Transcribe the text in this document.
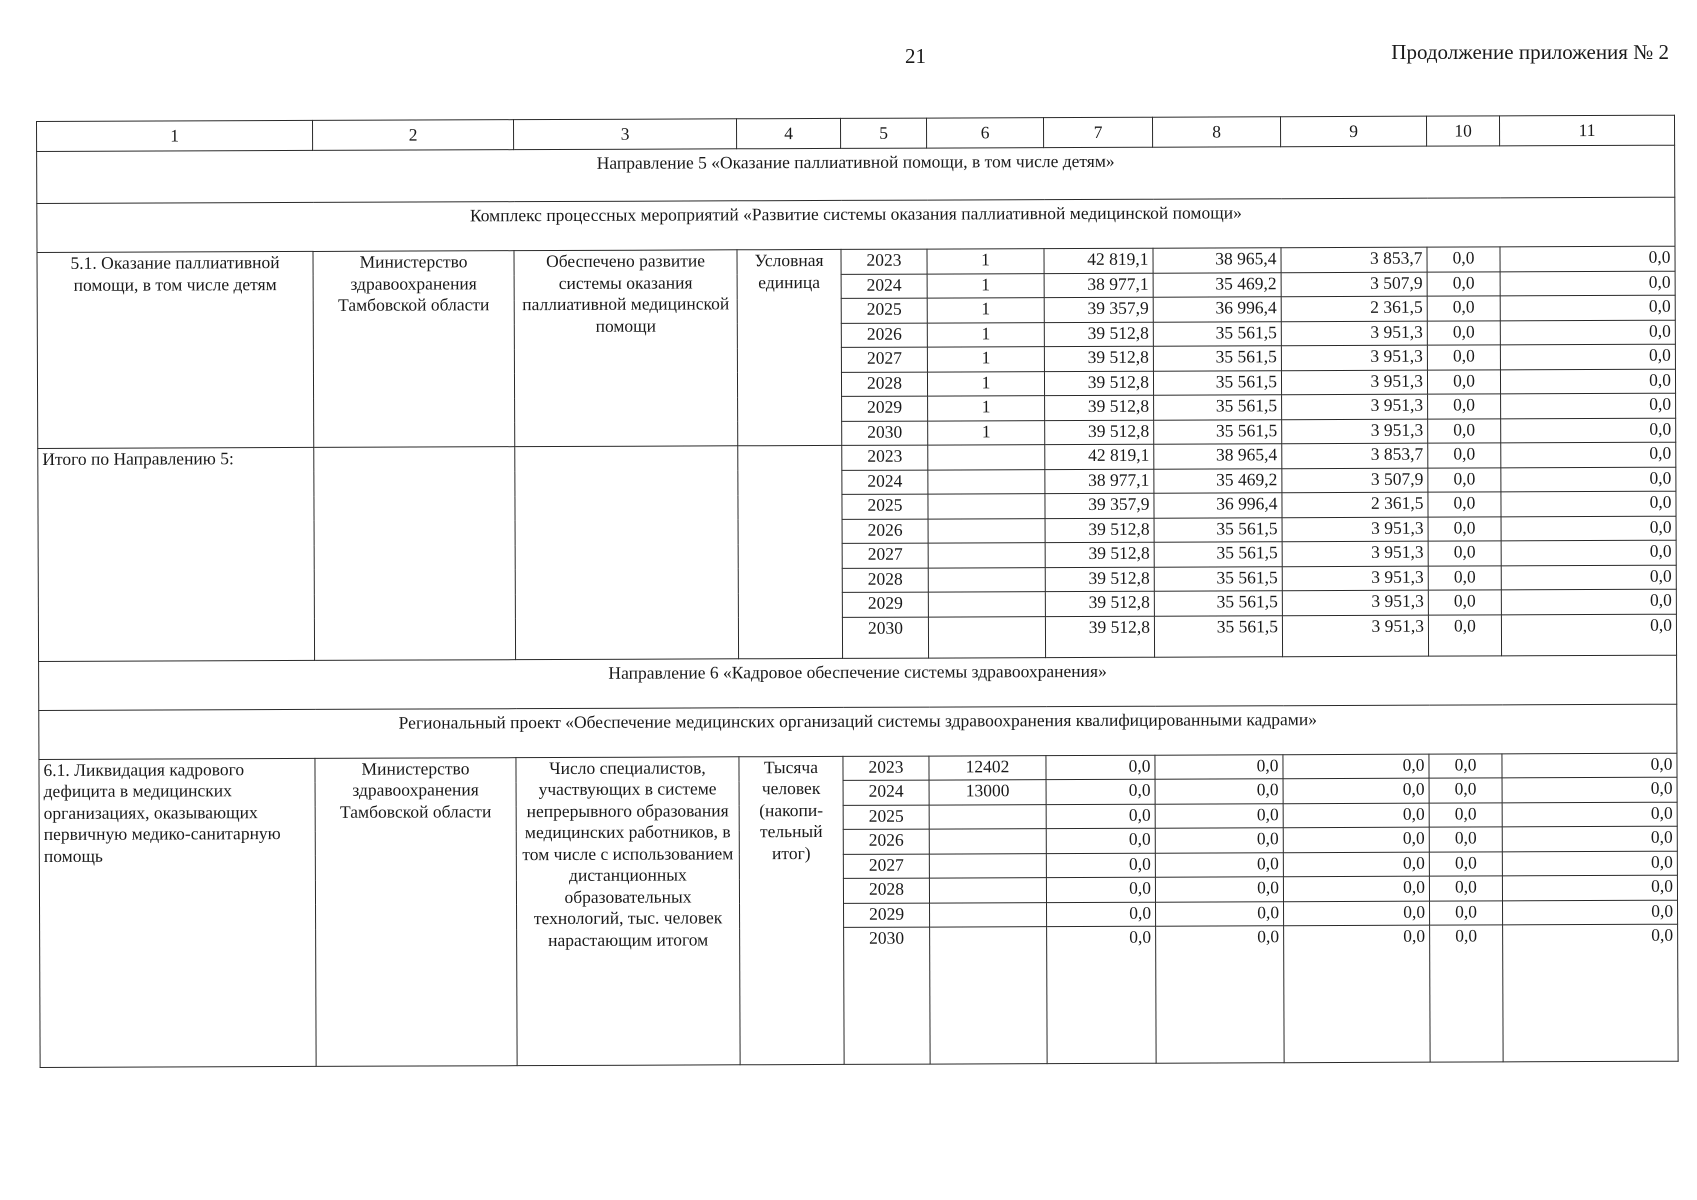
21	Продолжение приложения № 2
1	2	3	4	5	6	7	8	9	10	11
Направление 5 «Оказание паллиативной помощи, в том числе детям»										
Комплекс процессных мероприятий «Развитие системы оказания паллиативной медицинской помощи»										
5.1. Оказание паллиативной помощи, в том числе детям	Министерство здравоохранения Тамбовской области	Обеспечено развитие системы оказания паллиативной медицинской помощи	Условная единица	2023	1	42 819,1	38 965,4	3 853,7	0,0	0,0
				2024	1	38 977,1	35 469,2	3 507,9	0,0	0,0
				2025	1	39 357,9	36 996,4	2 361,5	0,0	0,0
				2026	1	39 512,8	35 561,5	3 951,3	0,0	0,0
				2027	1	39 512,8	35 561,5	3 951,3	0,0	0,0
				2028	1	39 512,8	35 561,5	3 951,3	0,0	0,0
				2029	1	39 512,8	35 561,5	3 951,3	0,0	0,0
				2030	1	39 512,8	35 561,5	3 951,3	0,0	0,0
Итого по Направлению 5:				2023		42 819,1	38 965,4	3 853,7	0,0	0,0
				2024		38 977,1	35 469,2	3 507,9	0,0	0,0
				2025		39 357,9	36 996,4	2 361,5	0,0	0,0
				2026		39 512,8	35 561,5	3 951,3	0,0	0,0
				2027		39 512,8	35 561,5	3 951,3	0,0	0,0
				2028		39 512,8	35 561,5	3 951,3	0,0	0,0
				2029		39 512,8	35 561,5	3 951,3	0,0	0,0
				2030		39 512,8	35 561,5	3 951,3	0,0	0,0
Направление 6 «Кадровое обеспечение системы здравоохранения»										
Региональный проект «Обеспечение медицинских организаций системы здравоохранения квалифицированными кадрами»										
6.1. Ликвидация кадрового дефицита в медицинских организациях, оказывающих первичную медико-санитарную помощь	Министерство здравоохранения Тамбовской области	Число специалистов, участвующих в системе непрерывного образования медицинских работников, в том числе с использованием дистанционных образовательных технологий, тыс. человек нарастающим итогом	Тысяча человек (накопи-тельный итог)	2023	12402	0,0	0,0	0,0	0,0	0,0
				2024	13000	0,0	0,0	0,0	0,0	0,0
				2025		0,0	0,0	0,0	0,0	0,0
				2026		0,0	0,0	0,0	0,0	0,0
				2027		0,0	0,0	0,0	0,0	0,0
				2028		0,0	0,0	0,0	0,0	0,0
				2029		0,0	0,0	0,0	0,0	0,0
				2030		0,0	0,0	0,0	0,0	0,0
